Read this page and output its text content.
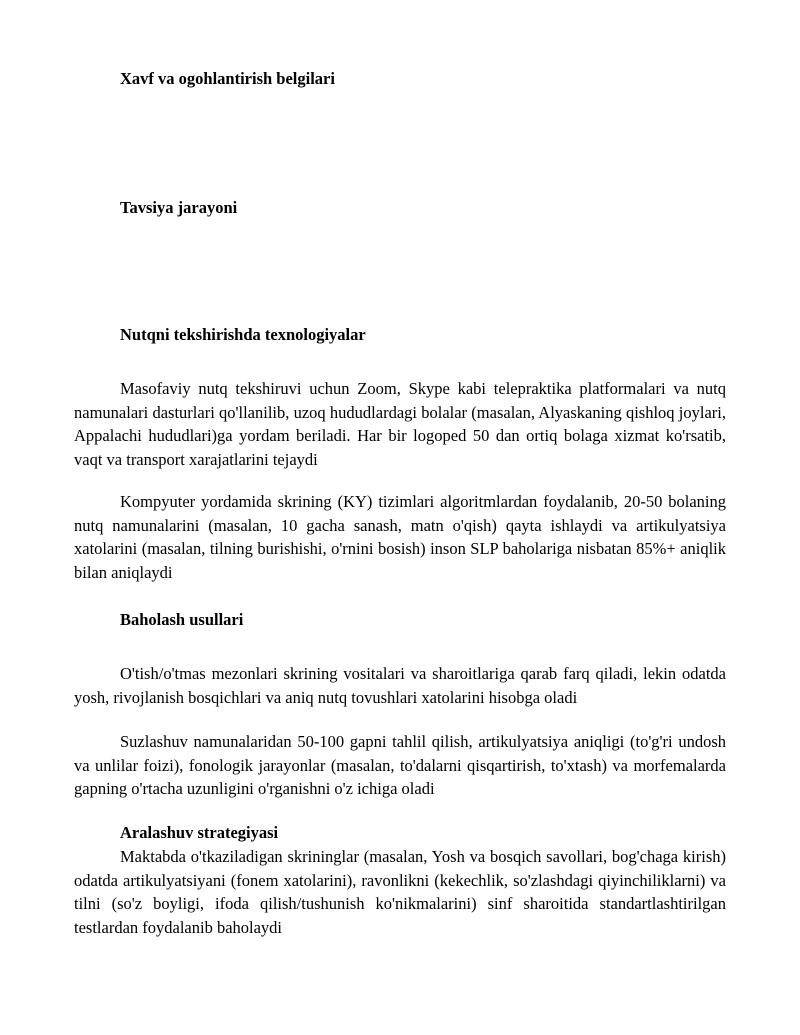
Xavf va ogohlantirish belgilari
Tavsiya jarayoni
Nutqni tekshirishda texnologiyalar

Masofaviy nutq tekshiruvi uchun Zoom, Skype kabi telepraktika platformalari va nutq namunalari dasturlari qo'llanilib, uzoq hududlardagi bolalar (masalan, Alyaskaning qishloq joylari, Appalachi hududlari)ga yordam beriladi. Har bir logoped 50 dan ortiq bolaga xizmat ko'rsatib, vaqt va transport xarajatlarini tejaydi

Kompyuter yordamida skrining (KY) tizimlari algoritmlardan foydalanib, 20-50 bolaning nutq namunalarini (masalan, 10 gacha sanash, matn o'qish) qayta ishlaydi va artikulyatsiya xatolarini (masalan, tilning burishishi, o'rnini bosish) inson SLP baholariga nisbatan 85%+ aniqlik bilan aniqlaydi

Baholash usullari

O'tish/o'tmas mezonlari skrining vositalari va sharoitlariga qarab farq qiladi, lekin odatda yosh, rivojlanish bosqichlari va aniq nutq tovushlari xatolarini hisobga oladi

Suzlashuv namunalaridan 50-100 gapni tahlil qilish, artikulyatsiya aniqligi (to'g'ri undosh va unlilar foizi), fonologik jarayonlar (masalan, to'dalarni qisqartirish, to'xtash) va morfemalarda gapning o'rtacha uzunligini o'rganishni o'z ichiga oladi

Aralashuv strategiyasi

Maktabda o'tkaziladigan skrininglаr (masalan, Yosh va bosqich savollari, bog'chaga kirish) odatda artikulyatsiyani (fonem xatolarini), ravonlikni (kekechlik, so'zlashdagi qiyinchiliklarni) va tilni (so'z boyligi, ifoda qilish/tushunish ko'nikmalarini) sinf sharoitida standartlashtirilgan testlardan foydalanib baholaydi
